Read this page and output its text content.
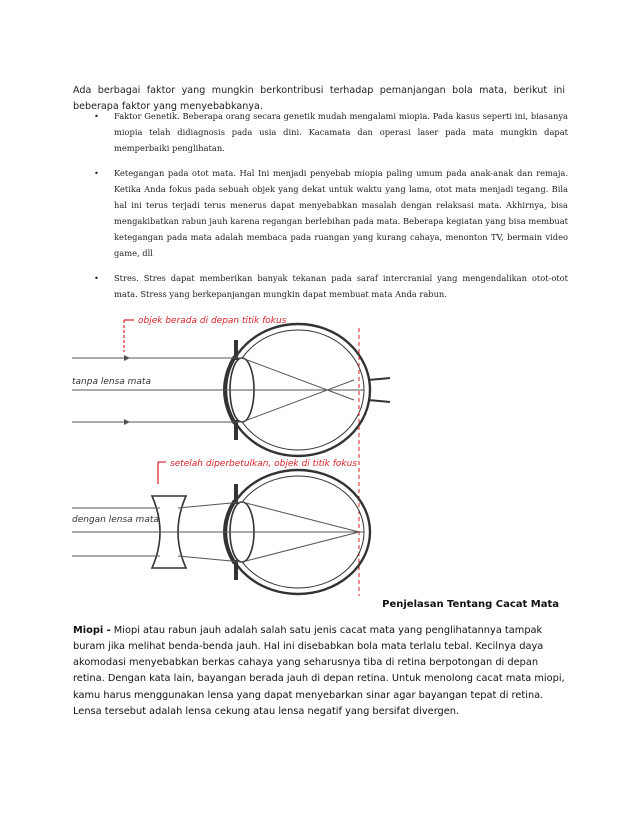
Ada berbagai faktor yang mungkin berkontribusi terhadap pemanjangan bola mata, berikut ini beberapa faktor yang menyebabkanya.

• Faktor Genetik. Beberapa orang secara genetik mudah mengalami miopia. Pada kasus seperti ini, biasanya miopia telah didiagnosis pada usia dini. Kacamata dan operasi laser pada mata mungkin dapat memperbaiki penglihatan.
• Ketegangan pada otot mata. Hal Ini menjadi penyebab miopia paling umum pada anak-anak dan remaja. Ketika Anda fokus pada sebuah objek yang dekat untuk waktu yang lama, otot mata menjadi tegang. Bila hal ini terus terjadi terus menerus dapat menyebabkan masalah dengan relaksasi mata. Akhirnya, bisa mengakibatkan rabun jauh karena regangan berlebihan pada mata. Beberapa kegiatan yang bisa membuat ketegangan pada mata adalah membaca pada ruangan yang kurang cahaya, menonton TV, bermain video game, dll
• Stres. Stres dapat memberikan banyak tekanan pada saraf intercranial yang mengendalikan otot-otot mata. Stress yang berkepanjangan mungkin dapat membuat mata Anda rabun.
objek berada di depan titik fokus
tanpa lensa mata
setelah diperbetulkan, objek di titik fokus
dengan lensa mata
Penjelasan Tentang Cacat Mata

Miopi - Miopi atau rabun jauh adalah salah satu jenis cacat mata yang penglihatannya tampak buram jika melihat benda-benda jauh. Hal ini disebabkan bola mata terlalu tebal. Kecilnya daya akomodasi menyebabkan berkas cahaya yang seharusnya tiba di retina berpotongan di depan retina. Dengan kata lain, bayangan berada jauh di depan retina. Untuk menolong cacat mata miopi, kamu harus menggunakan lensa yang dapat menyebarkan sinar agar bayangan tepat di retina. Lensa tersebut adalah lensa cekung atau lensa negatif yang bersifat divergen.
